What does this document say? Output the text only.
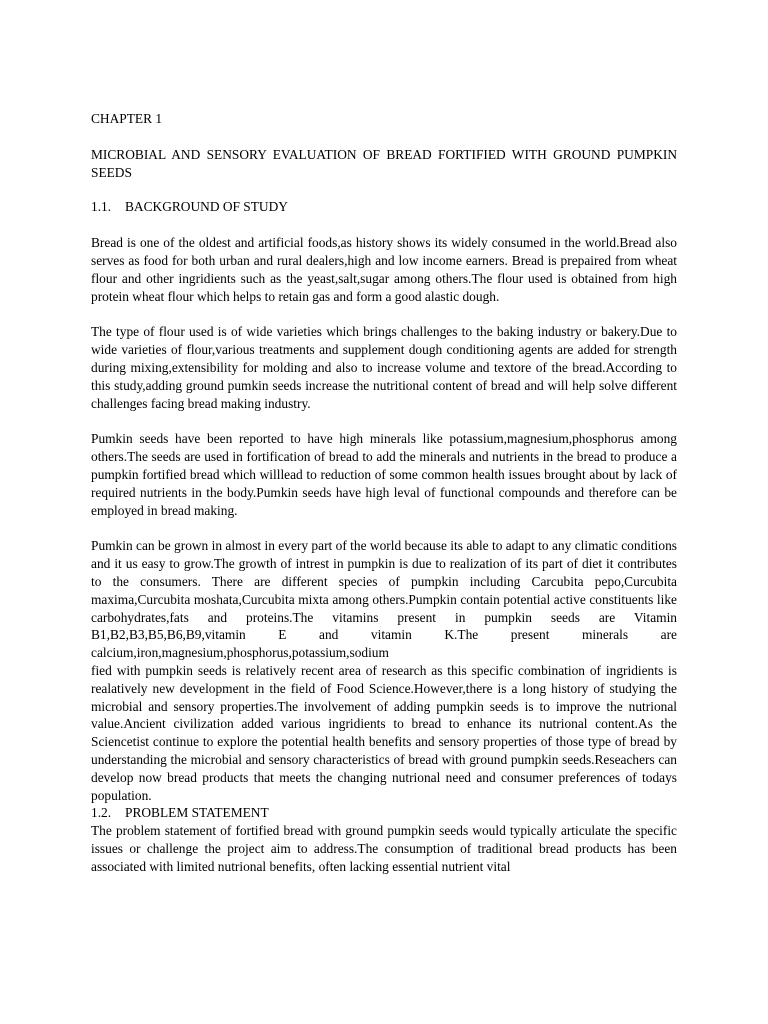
CHAPTER 1

MICROBIAL AND SENSORY EVALUATION OF BREAD FORTIFIED WITH GROUND PUMPKIN SEEDS

1.1. BACKGROUND OF STUDY

Bread is one of the oldest and artificial foods,as history shows its widely consumed in the world.Bread also serves as food for both urban and rural dealers,high and low income earners. Bread is prepaired from wheat flour and other ingridients such as the yeast,salt,sugar among others.The flour used is obtained from high protein wheat flour which helps to retain gas and form a good alastic dough.

The type of flour used is of wide varieties which brings challenges to the baking industry or bakery.Due to wide varieties of flour,various treatments and supplement dough conditioning agents are added for strength during mixing,extensibility for molding and also to increase volume and textore of the bread.According to this study,adding ground pumkin seeds increase the nutritional content of bread and will help solve different challenges facing bread making industry.

Pumkin seeds have been reported to have high minerals like potassium,magnesium,phosphorus among others.The seeds are used in fortification of bread to add the minerals and nutrients in the bread to produce a pumpkin fortified bread which willlead to reduction of some common health issues brought about by lack of required nutrients in the body.Pumkin seeds have high leval of functional compounds and therefore can be employed in bread making.

Pumkin can be grown in almost in every part of the world because its able to adapt to any climatic conditions and it us easy to grow.The growth of intrest in pumpkin is due to realization of its part of diet it contributes to the consumers. There are different species of pumpkin including Carcubita pepo,Curcubita maxima,Curcubita moshata,Curcubita mixta among others.Pumpkin contain potential active constituents like carbohydrates,fats and proteins.The vitamins present in pumpkin seeds are Vitamin B1,B2,B3,B5,B6,B9,vitamin E and vitamin K.The present minerals are calcium,iron,magnesium,phosphorus,potassium,sodium

fied with pumpkin seeds is relatively recent area of research as this specific combination of ingridients is realatively new development in the field of Food Science.However,there is a long history of studying the microbial and sensory properties.The involvement of adding pumpkin seeds is to improve the nutrional value.Ancient civilization added various ingridients to bread to enhance its nutrional content.As the Sciencetist continue to explore the potential health benefits and sensory properties of those type of bread by understanding the microbial and sensory characteristics of bread with ground pumpkin seeds.Reseachers can develop now bread products that meets the changing nutrional need and consumer preferences of todays population.

1.2. PROBLEM STATEMENT

The problem statement of fortified bread with ground pumpkin seeds would typically articulate the specific issues or challenge the project aim to address.The consumption of traditional bread products has been associated with limited nutrional benefits, often lacking essential nutrient vital
